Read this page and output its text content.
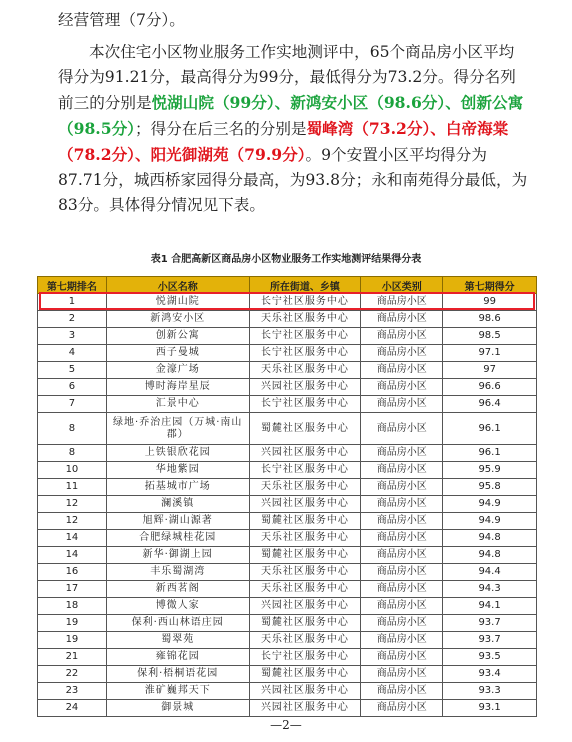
经营管理（7分）。

本次住宅小区物业服务工作实地测评中，65个商品房小区平均得分为91.21分，最高得分为99分，最低得分为73.2分。得分名列前三的分别是悦湖山院（99分）、新鸿安小区（98.6分）、创新公寓（98.5分）；得分在后三名的分别是蜀峰湾（73.2分）、白帝海棠（78.2分）、阳光御湖苑（79.9分）。9个安置小区平均得分为87.71分，城西桥家园得分最高，为93.8分；永和南苑得分最低，为83分。具体得分情况见下表。

表1 合肥高新区商品房小区物业服务工作实地测评结果得分表
第七期排名	小区名称	所在街道、乡镇	小区类别	第七期得分
1	悦湖山院	长宁社区服务中心	商品房小区	99
2	新鸿安小区	天乐社区服务中心	商品房小区	98.6
3	创新公寓	长宁社区服务中心	商品房小区	98.5
4	西子曼城	长宁社区服务中心	商品房小区	97.1
5	金濠广场	天乐社区服务中心	商品房小区	97
6	博时海岸星辰	兴园社区服务中心	商品房小区	96.6
7	汇景中心	长宁社区服务中心	商品房小区	96.4
8	绿地·乔治庄园（万城·南山郡）	蜀麓社区服务中心	商品房小区	96.1
8	上铁银欣花园	兴园社区服务中心	商品房小区	96.1
10	华地紫园	长宁社区服务中心	商品房小区	95.9
11	拓基城市广场	天乐社区服务中心	商品房小区	95.8
12	澜溪镇	兴园社区服务中心	商品房小区	94.9
12	旭辉·湖山源著	蜀麓社区服务中心	商品房小区	94.9
14	合肥绿城桂花园	天乐社区服务中心	商品房小区	94.8
14	新华·御湖上园	蜀麓社区服务中心	商品房小区	94.8
16	丰乐蜀湖湾	天乐社区服务中心	商品房小区	94.4
17	新西茗阁	天乐社区服务中心	商品房小区	94.3
18	博微人家	兴园社区服务中心	商品房小区	94.1
19	保利·西山林语庄园	蜀麓社区服务中心	商品房小区	93.7
19	蜀翠苑	天乐社区服务中心	商品房小区	93.7
21	雍锦花园	长宁社区服务中心	商品房小区	93.5
22	保利·梧桐语花园	蜀麓社区服务中心	商品房小区	93.4
23	淮矿巍邦天下	兴园社区服务中心	商品房小区	93.3
24	御景城	兴园社区服务中心	商品房小区	93.1
—2—
